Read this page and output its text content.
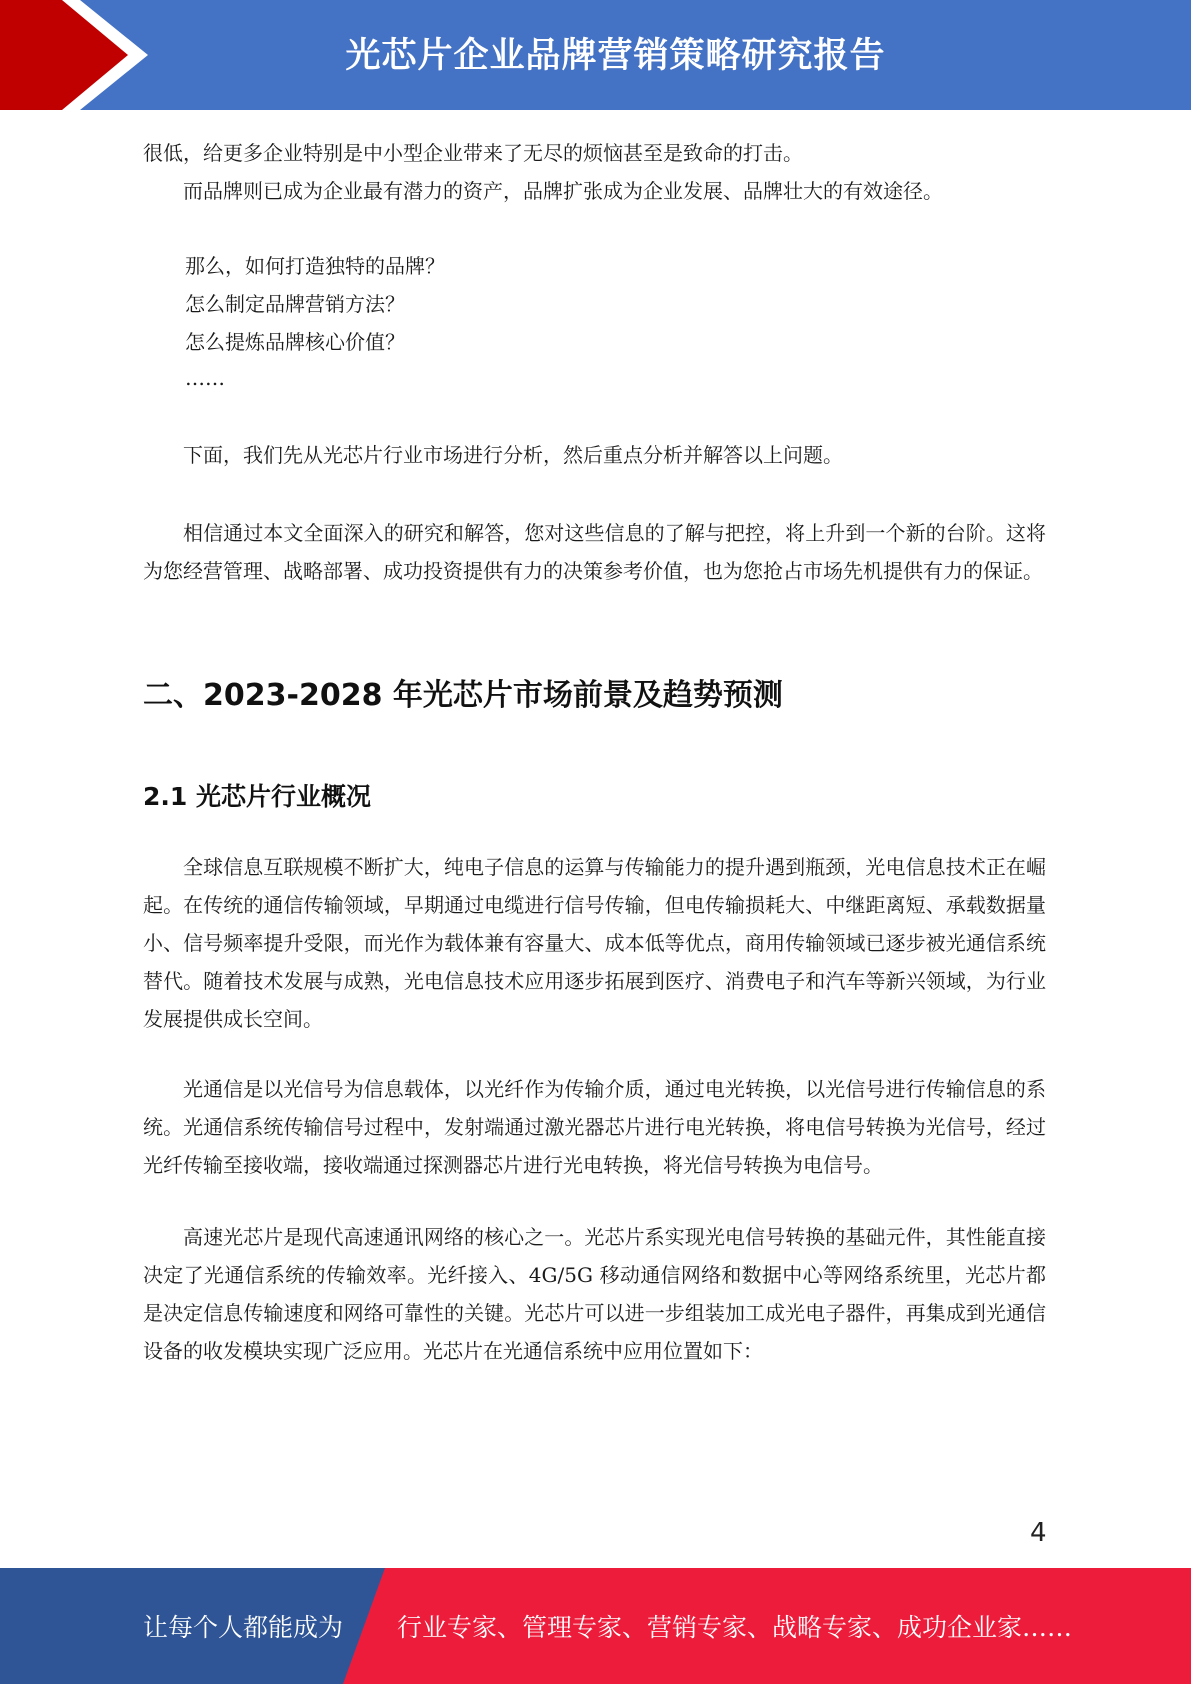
光芯片企业品牌营销策略研究报告

很低，给更多企业特别是中小型企业带来了无尽的烦恼甚至是致命的打击。

而品牌则已成为企业最有潜力的资产，品牌扩张成为企业发展、品牌壮大的有效途径。

那么，如何打造独特的品牌？

怎么制定品牌营销方法？

怎么提炼品牌核心价值？

……

下面，我们先从光芯片行业市场进行分析，然后重点分析并解答以上问题。

相信通过本文全面深入的研究和解答，您对这些信息的了解与把控，将上升到一个新的台阶。这将为您经营管理、战略部署、成功投资提供有力的决策参考价值，也为您抢占市场先机提供有力的保证。

二、2023-2028 年光芯片市场前景及趋势预测
2.1 光芯片行业概况

全球信息互联规模不断扩大，纯电子信息的运算与传输能力的提升遇到瓶颈，光电信息技术正在崛起。在传统的通信传输领域，早期通过电缆进行信号传输，但电传输损耗大、中继距离短、承载数据量小、信号频率提升受限，而光作为载体兼有容量大、成本低等优点，商用传输领域已逐步被光通信系统替代。随着技术发展与成熟，光电信息技术应用逐步拓展到医疗、消费电子和汽车等新兴领域，为行业发展提供成长空间。

光通信是以光信号为信息载体，以光纤作为传输介质，通过电光转换，以光信号进行传输信息的系统。光通信系统传输信号过程中，发射端通过激光器芯片进行电光转换，将电信号转换为光信号，经过光纤传输至接收端，接收端通过探测器芯片进行光电转换，将光信号转换为电信号。

高速光芯片是现代高速通讯网络的核心之一。光芯片系实现光电信号转换的基础元件，其性能直接决定了光通信系统的传输效率。光纤接入、4G/5G 移动通信网络和数据中心等网络系统里，光芯片都是决定信息传输速度和网络可靠性的关键。光芯片可以进一步组装加工成光电子器件，再集成到光通信设备的收发模块实现广泛应用。光芯片在光通信系统中应用位置如下：

4
让每个人都能成为 行业专家、管理专家、营销专家、战略专家、成功企业家……
